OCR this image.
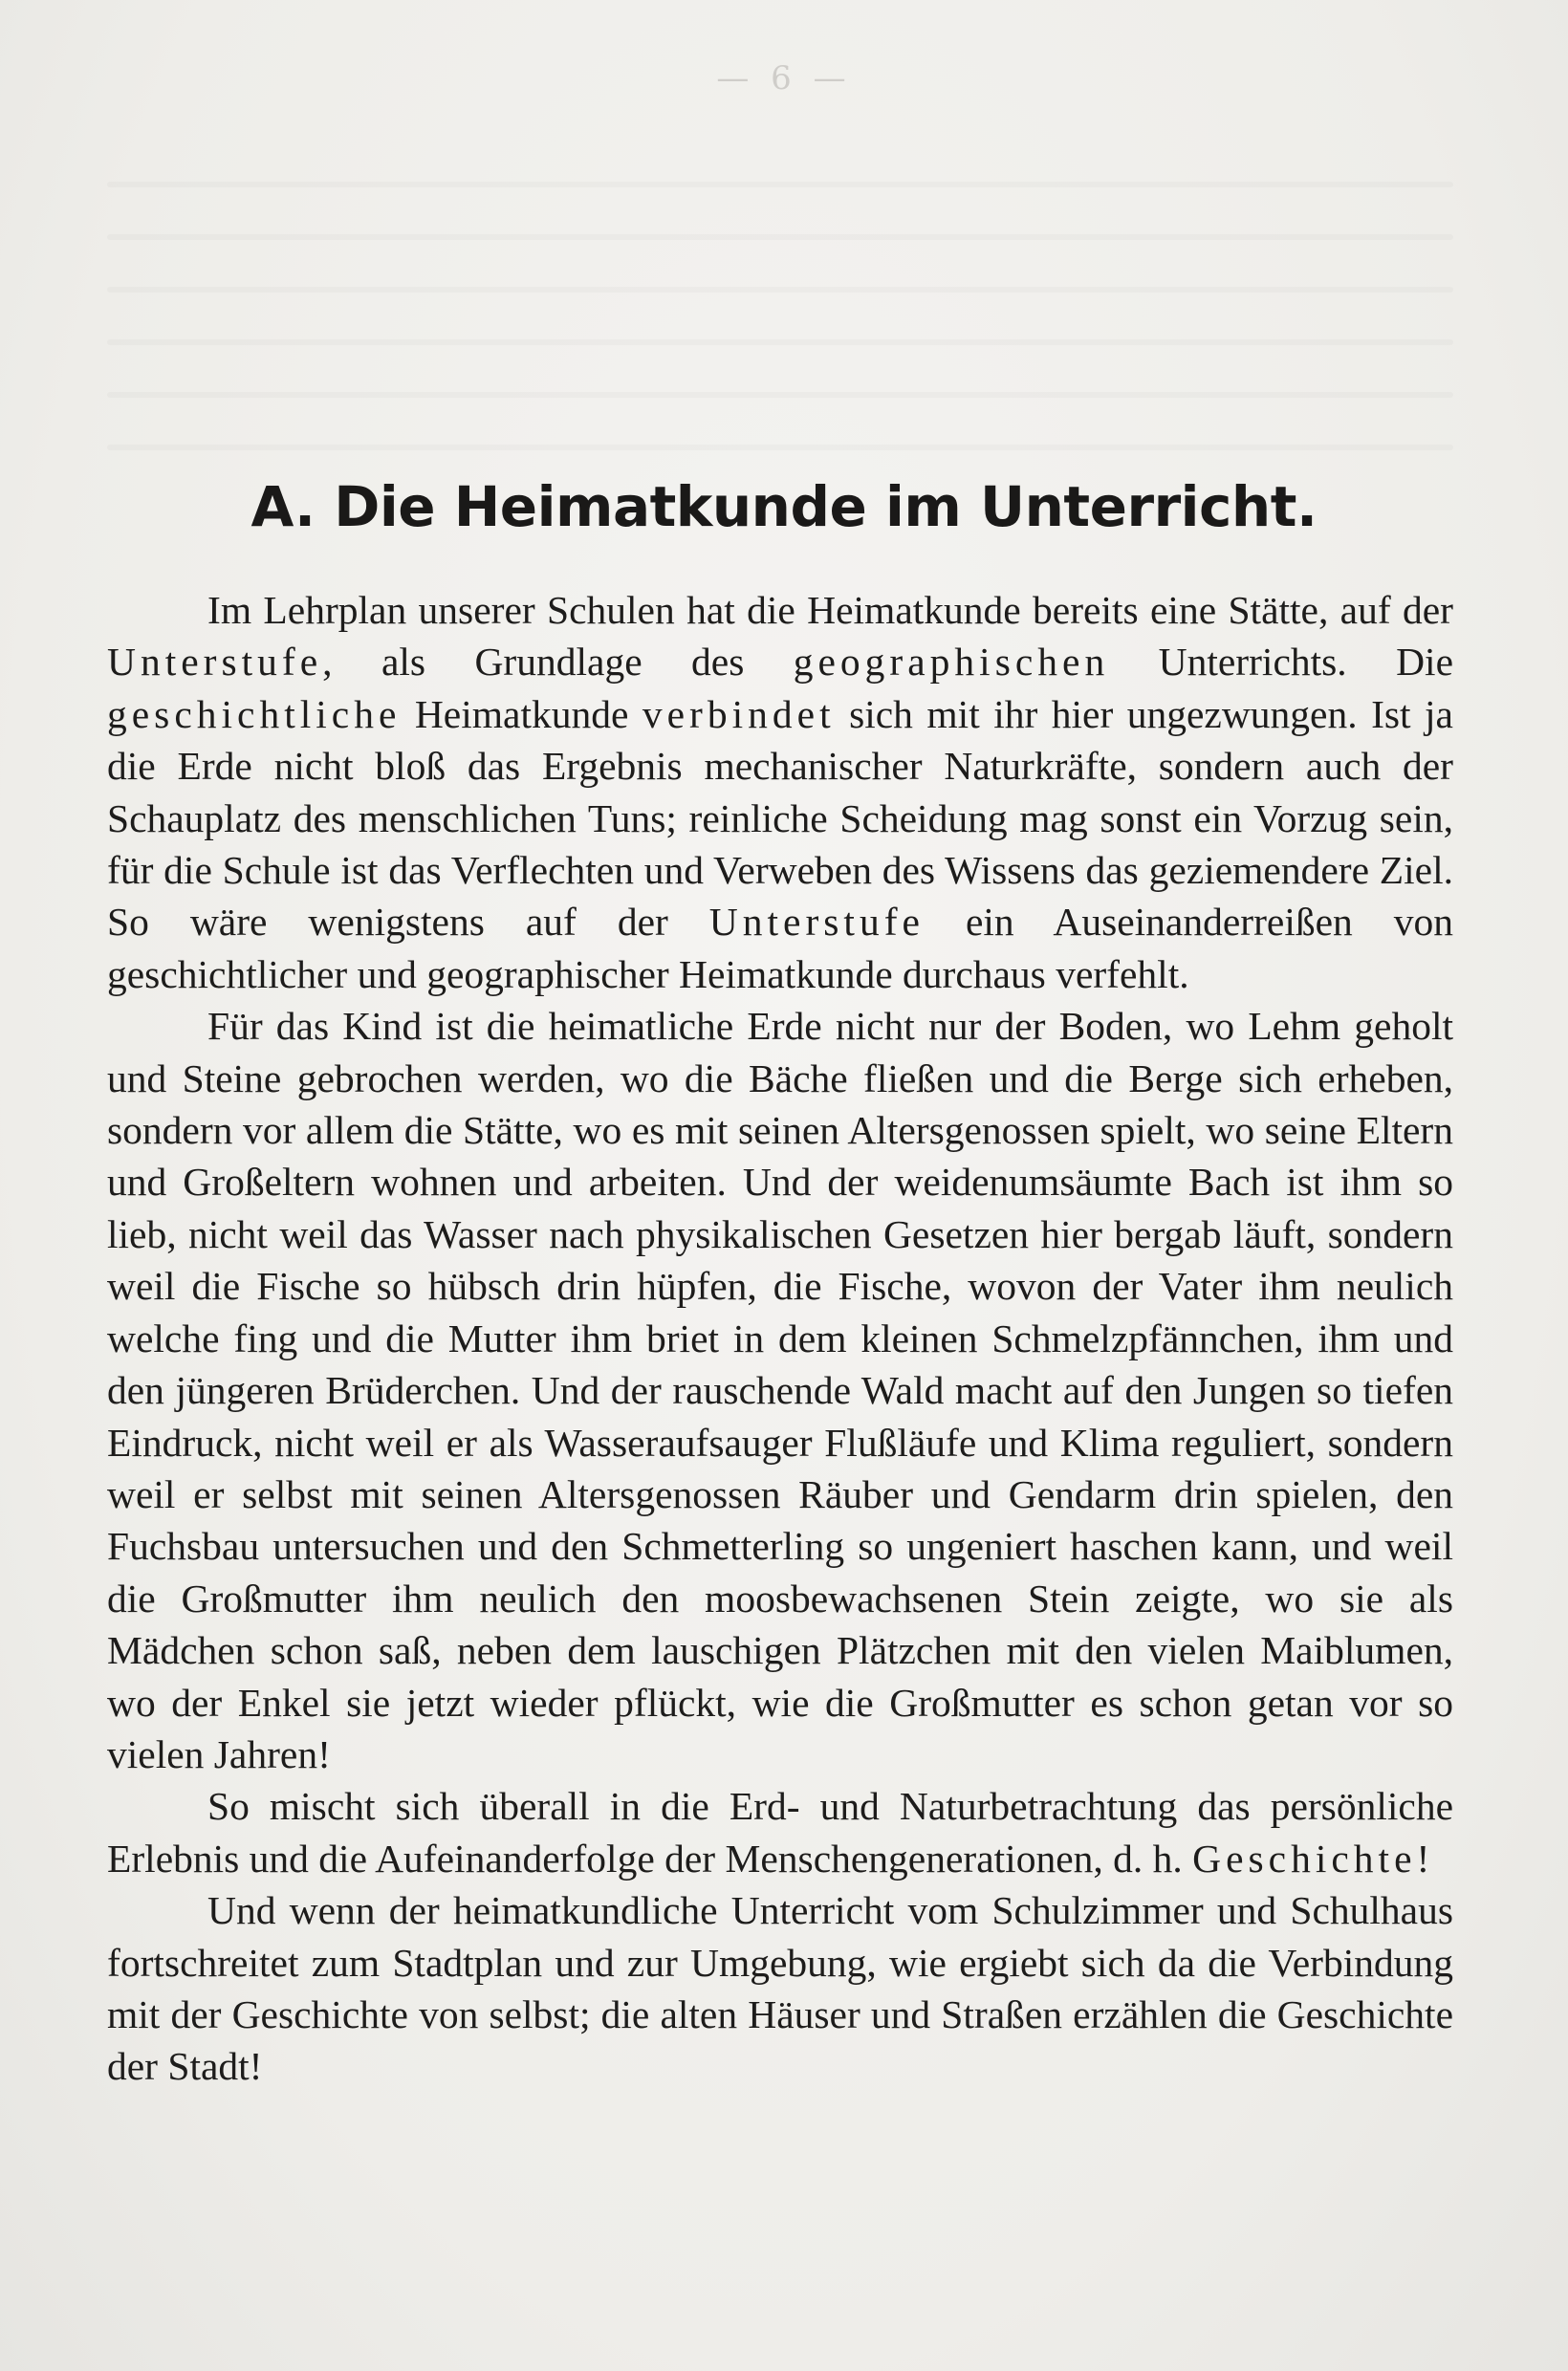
— 6 —
A. Die Heimatkunde im Unterricht.

Im Lehrplan unserer Schulen hat die Heimatkunde bereits eine Stätte, auf der Unterstufe, als Grundlage des geographischen Unterrichts. Die geschichtliche Heimatkunde verbindet sich mit ihr hier ungezwungen. Ist ja die Erde nicht bloß das Ergebnis mechanischer Naturkräfte, sondern auch der Schauplatz des menschlichen Tuns; reinliche Scheidung mag sonst ein Vorzug sein, für die Schule ist das Verflechten und Verweben des Wissens das geziemendere Ziel. So wäre wenigstens auf der Unterstufe ein Auseinanderreißen von geschichtlicher und geographischer Heimatkunde durchaus verfehlt.

Für das Kind ist die heimatliche Erde nicht nur der Boden, wo Lehm geholt und Steine gebrochen werden, wo die Bäche fließen und die Berge sich erheben, sondern vor allem die Stätte, wo es mit seinen Altersgenossen spielt, wo seine Eltern und Großeltern wohnen und arbeiten. Und der weidenumsäumte Bach ist ihm so lieb, nicht weil das Wasser nach physikalischen Gesetzen hier bergab läuft, sondern weil die Fische so hübsch drin hüpfen, die Fische, wovon der Vater ihm neulich welche fing und die Mutter ihm briet in dem kleinen Schmelzpfännchen, ihm und den jüngeren Brüderchen. Und der rauschende Wald macht auf den Jungen so tiefen Eindruck, nicht weil er als Wasseraufsauger Flußläufe und Klima reguliert, sondern weil er selbst mit seinen Altersgenossen Räuber und Gendarm drin spielen, den Fuchsbau untersuchen und den Schmetterling so ungeniert haschen kann, und weil die Großmutter ihm neulich den moosbewachsenen Stein zeigte, wo sie als Mädchen schon saß, neben dem lauschigen Plätzchen mit den vielen Maiblumen, wo der Enkel sie jetzt wieder pflückt, wie die Großmutter es schon getan vor so vielen Jahren!

So mischt sich überall in die Erd- und Naturbetrachtung das persönliche Erlebnis und die Aufeinanderfolge der Menschengenerationen, d. h. Geschichte!

Und wenn der heimatkundliche Unterricht vom Schulzimmer und Schulhaus fortschreitet zum Stadtplan und zur Umgebung, wie ergiebt sich da die Verbindung mit der Geschichte von selbst; die alten Häuser und Straßen erzählen die Geschichte der Stadt!
